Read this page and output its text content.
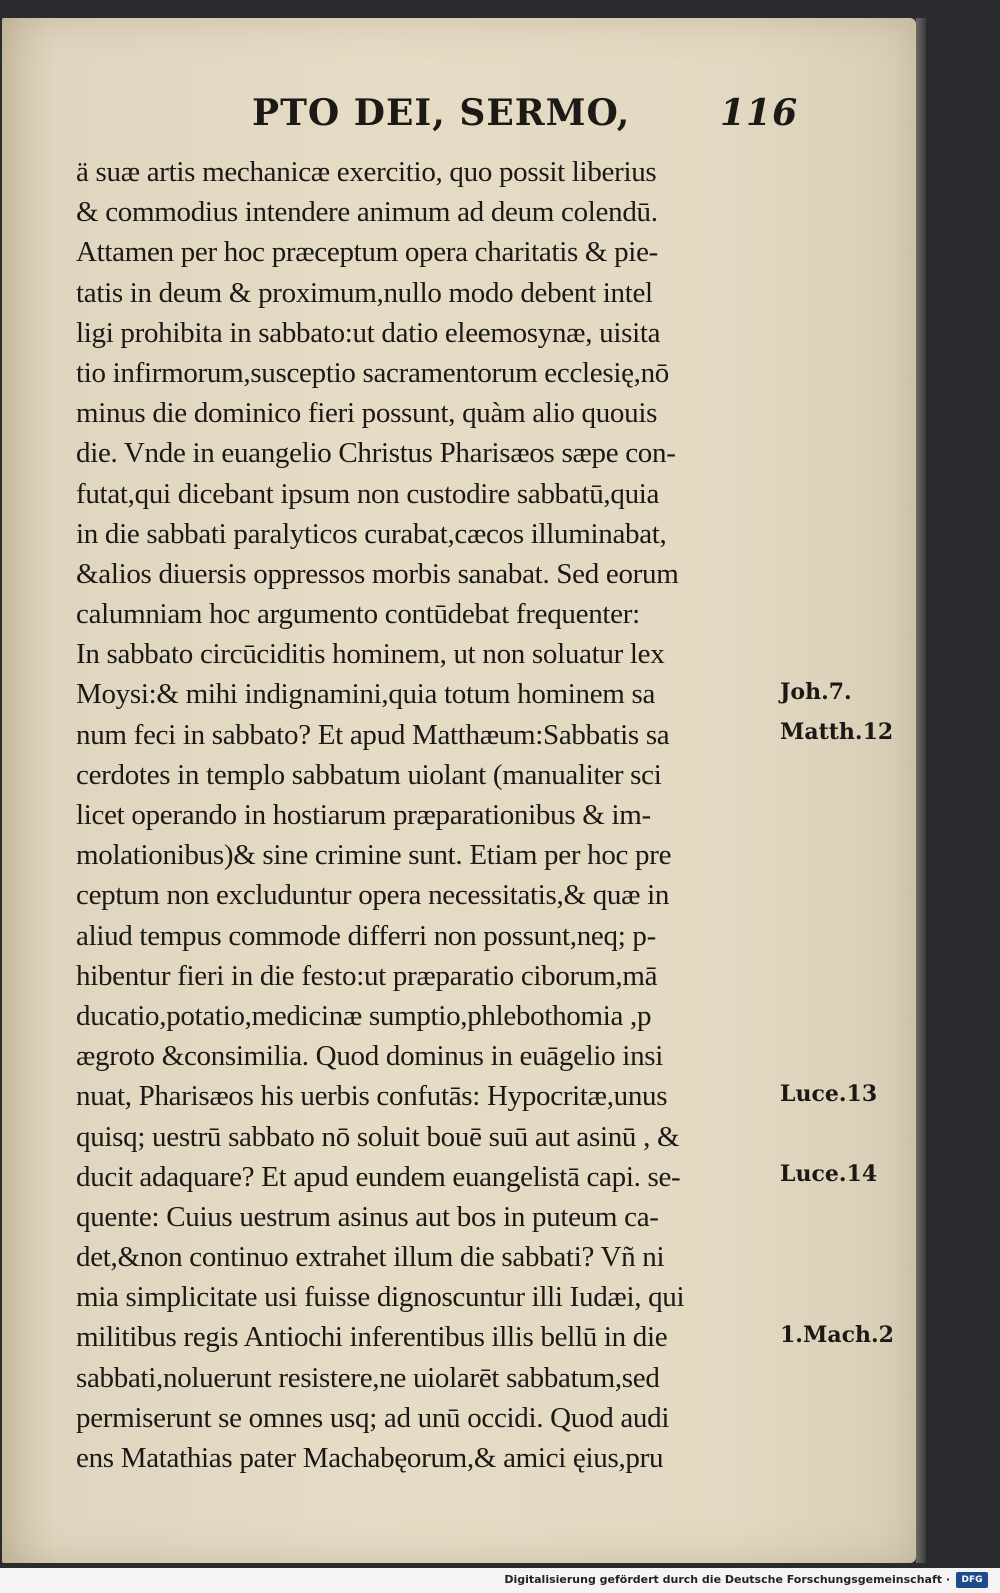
PTO DEI, SERMO, 116
ä suæ artis mechanicæ exercitio, quo possit liberius
& commodius intendere animum ad deum colendū.
Attamen per hoc præceptum opera charitatis & pie-
tatis in deum & proximum,nullo modo debent intel
ligi prohibita in sabbato:ut datio eleemosynæ, uisita
tio infirmorum,susceptio sacramentorum ecclesię,nō
minus die dominico fieri possunt, quàm alio quouis
die. Vnde in euangelio Christus Pharisæos sæpe con-
futat,qui dicebant ipsum non custodire sabbatū,quia
in die sabbati paralyticos curabat,cæcos illuminabat,
&alios diuersis oppressos morbis sanabat. Sed eorum
calumniam hoc argumento contūdebat frequenter:
In sabbato circūciditis hominem, ut non soluatur lex
Moysi:& mihi indignamini,quia totum hominem sa
num feci in sabbato? Et apud Matthæum:Sabbatis sa
cerdotes in templo sabbatum uiolant (manualiter sci
licet operando in hostiarum præparationibus & im-
molationibus)& sine crimine sunt. Etiam per hoc pre
ceptum non excluduntur opera necessitatis,& quæ in
aliud tempus commode differri non possunt,neq; p-
hibentur fieri in die festo:ut præparatio ciborum,mā
ducatio,potatio,medicinæ sumptio,phlebothomia ,p
ægroto &consimilia. Quod dominus in euāgelio insi
nuat, Pharisæos his uerbis confutās: Hypocritæ,unus
quisq; uestrū sabbato nō soluit bouē suū aut asinū , &
ducit adaquare? Et apud eundem euangelistā capi. se-
quente: Cuius uestrum asinus aut bos in puteum ca-
det,&non continuo extrahet illum die sabbati? Vñ ni
mia simplicitate usi fuisse dignoscuntur illi Iudæi, qui
militibus regis Antiochi inferentibus illis bellū in die
sabbati,noluerunt resistere,ne uiolarēt sabbatum,sed
permiserunt se omnes usq; ad unū occidi. Quod audi
ens Matathias pater Machabęorum,& amici ęius,pru
Joh.7.
Matth.12
Luce.13
Luce.14
1.Mach.2
Digitalisierung gefördert durch die Deutsche Forschungsgemeinschaft ·	DFG
